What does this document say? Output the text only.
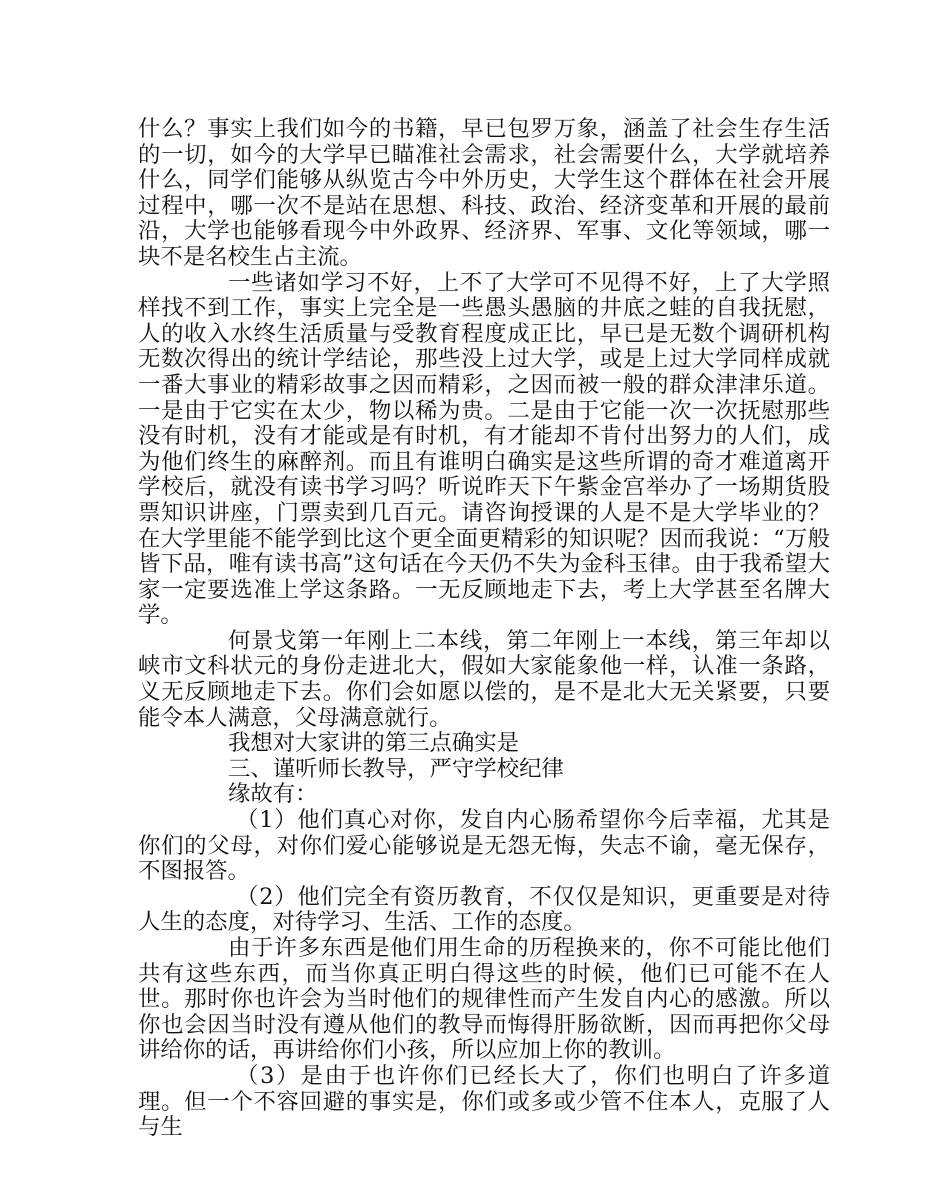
什么？事实上我们如今的书籍，早已包罗万象，涵盖了社会生存生活的一切，如今的大学早已瞄准社会需求，社会需要什么，大学就培养什么，同学们能够从纵览古今中外历史，大学生这个群体在社会开展过程中，哪一次不是站在思想、科技、政治、经济变革和开展的最前沿，大学也能够看现今中外政界、经济界、军事、文化等领域，哪一块不是名校生占主流。

一些诸如学习不好，上不了大学可不见得不好，上了大学照样找不到工作，事实上完全是一些愚头愚脑的井底之蛙的自我抚慰，人的收入水终生活质量与受教育程度成正比，早已是无数个调研机构无数次得出的统计学结论，那些没上过大学，或是上过大学同样成就一番大事业的精彩故事之因而精彩，之因而被一般的群众津津乐道。一是由于它实在太少，物以稀为贵。二是由于它能一次一次抚慰那些没有时机，没有才能或是有时机，有才能却不肯付出努力的人们，成为他们终生的麻醉剂。而且有谁明白确实是这些所谓的奇才难道离开学校后，就没有读书学习吗？听说昨天下午紫金宫举办了一场期货股票知识讲座，门票卖到几百元。请咨询授课的人是不是大学毕业的？在大学里能不能学到比这个更全面更精彩的知识呢？因而我说：“万般皆下品，唯有读书高”这句话在今天仍不失为金科玉律。由于我希望大家一定要选准上学这条路。一无反顾地走下去，考上大学甚至名牌大学。

何景戈第一年刚上二本线，第二年刚上一本线，第三年却以峡市文科状元的身份走进北大，假如大家能象他一样，认准一条路，义无反顾地走下去。你们会如愿以偿的，是不是北大无关紧要，只要能令本人满意，父母满意就行。

我想对大家讲的第三点确实是

三、谨听师长教导，严守学校纪律

缘故有：

（1）他们真心对你，发自内心肠希望你今后幸福，尤其是你们的父母，对你们爱心能够说是无怨无悔，失志不谕，毫无保存，不图报答。

（2）他们完全有资历教育，不仅仅是知识，更重要是对待人生的态度，对待学习、生活、工作的态度。

由于许多东西是他们用生命的历程换来的，你不可能比他们共有这些东西，而当你真正明白得这些的时候，他们已可能不在人世。那时你也许会为当时他们的规律性而产生发自内心的感激。所以你也会因当时没有遵从他们的教导而悔得肝肠欲断，因而再把你父母讲给你的话，再讲给你们小孩，所以应加上你的教训。

（3）是由于也许你们已经长大了，你们也明白了许多道理。但一个不容回避的事实是，你们或多或少管不住本人，克服了人与生
